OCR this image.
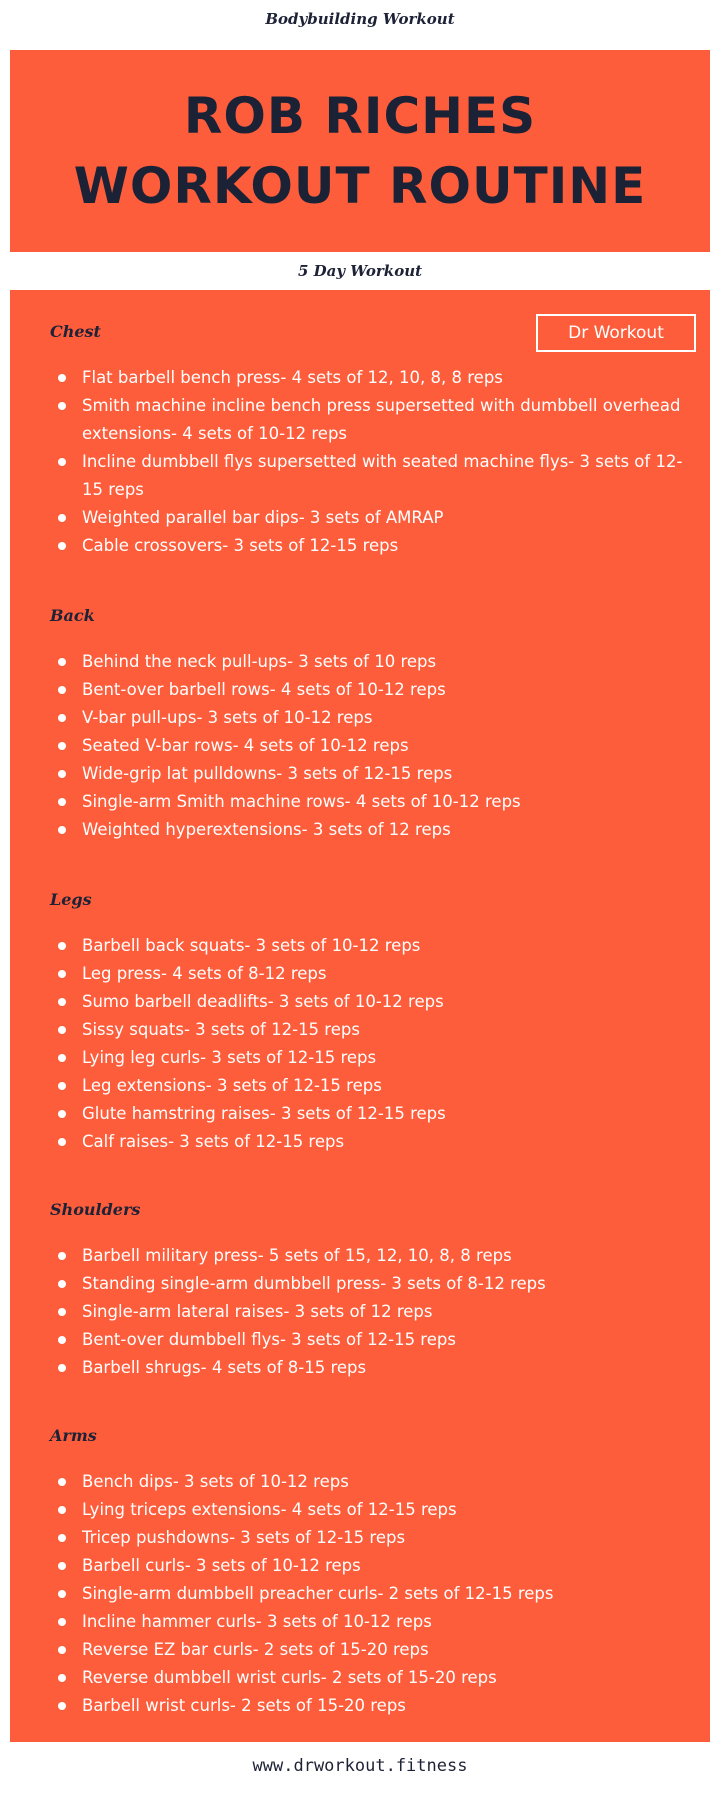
Bodybuilding Workout
ROB RICHES
WORKOUT ROUTINE
5 Day Workout
Dr Workout
Chest
Flat barbell bench press- 4 sets of 12, 10, 8, 8 reps
Smith machine incline bench press supersetted with dumbbell overhead extensions- 4 sets of 10-12 reps
Incline dumbbell flys supersetted with seated machine flys- 3 sets of 12-15 reps
Weighted parallel bar dips- 3 sets of AMRAP
Cable crossovers- 3 sets of 12-15 reps
Back
Behind the neck pull-ups- 3 sets of 10 reps
Bent-over barbell rows- 4 sets of 10-12 reps
V-bar pull-ups- 3 sets of 10-12 reps
Seated V-bar rows- 4 sets of 10-12 reps
Wide-grip lat pulldowns- 3 sets of 12-15 reps
Single-arm Smith machine rows- 4 sets of 10-12 reps
Weighted hyperextensions- 3 sets of 12 reps
Legs
Barbell back squats- 3 sets of 10-12 reps
Leg press- 4 sets of 8-12 reps
Sumo barbell deadlifts- 3 sets of 10-12 reps
Sissy squats- 3 sets of 12-15 reps
Lying leg curls- 3 sets of 12-15 reps
Leg extensions- 3 sets of 12-15 reps
Glute hamstring raises- 3 sets of 12-15 reps
Calf raises- 3 sets of 12-15 reps
Shoulders
Barbell military press- 5 sets of 15, 12, 10, 8, 8 reps
Standing single-arm dumbbell press- 3 sets of 8-12 reps
Single-arm lateral raises- 3 sets of 12 reps
Bent-over dumbbell flys- 3 sets of 12-15 reps
Barbell shrugs- 4 sets of 8-15 reps
Arms
Bench dips- 3 sets of 10-12 reps
Lying triceps extensions- 4 sets of 12-15 reps
Tricep pushdowns- 3 sets of 12-15 reps
Barbell curls- 3 sets of 10-12 reps
Single-arm dumbbell preacher curls- 2 sets of 12-15 reps
Incline hammer curls- 3 sets of 10-12 reps
Reverse EZ bar curls- 2 sets of 15-20 reps
Reverse dumbbell wrist curls- 2 sets of 15-20 reps
Barbell wrist curls- 2 sets of 15-20 reps
www.drworkout.fitness
